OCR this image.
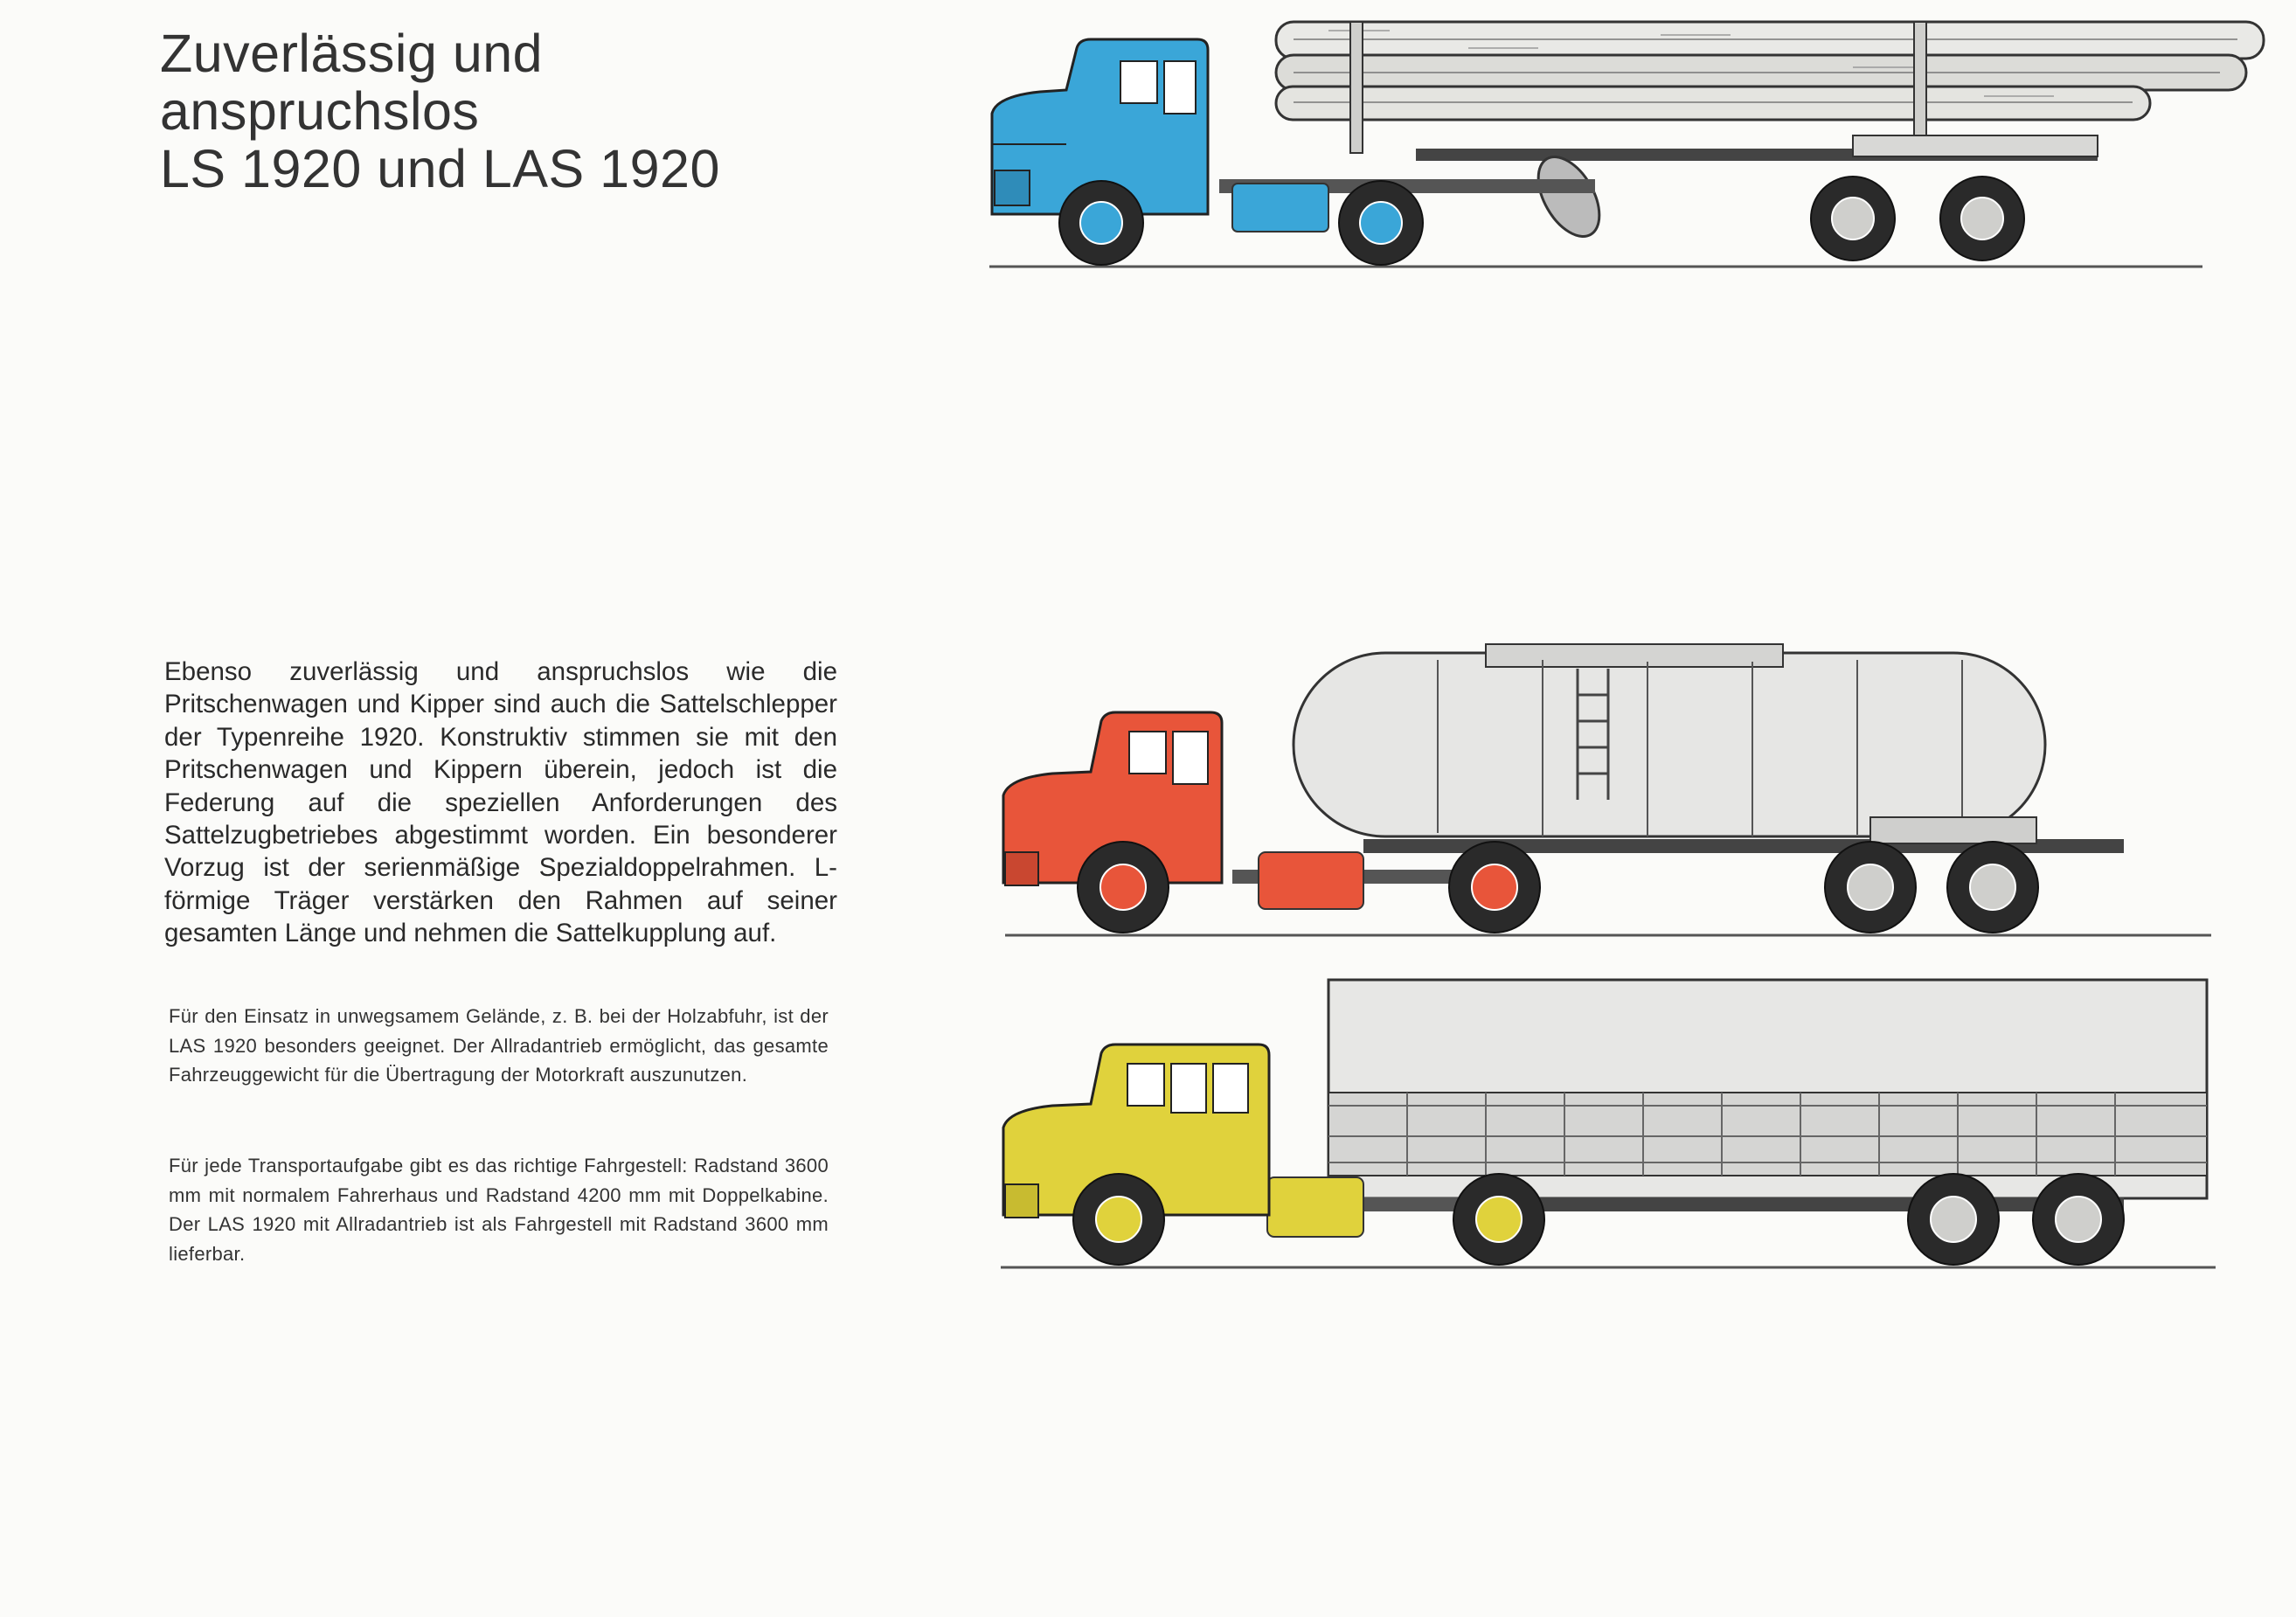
Zuverlässig und
anspruchslos
LS 1920 und LAS 1920

Ebenso zuverlässig und anspruchslos wie die Pritschenwagen und Kipper sind auch die Sattelschlepper der Typenreihe 1920. Konstruktiv stimmen sie mit den Pritschenwagen und Kippern überein, jedoch ist die Federung auf die speziellen Anforderungen des Sattelzugbetriebes abgestimmt worden. Ein besonderer Vorzug ist der serienmäßige Spezialdoppelrahmen. L-förmige Träger verstärken den Rahmen auf seiner gesamten Länge und nehmen die Sattelkupplung auf.

Für den Einsatz in unwegsamem Gelände, z. B. bei der Holzabfuhr, ist der LAS 1920 besonders geeignet. Der Allradantrieb ermöglicht, das gesamte Fahrzeuggewicht für die Übertragung der Motorkraft auszunutzen.

Für jede Transportaufgabe gibt es das richtige Fahrgestell: Radstand 3600 mm mit normalem Fahrerhaus und Radstand 4200 mm mit Doppelkabine. Der LAS 1920 mit Allradantrieb ist als Fahrgestell mit Radstand 3600 mm lieferbar.
